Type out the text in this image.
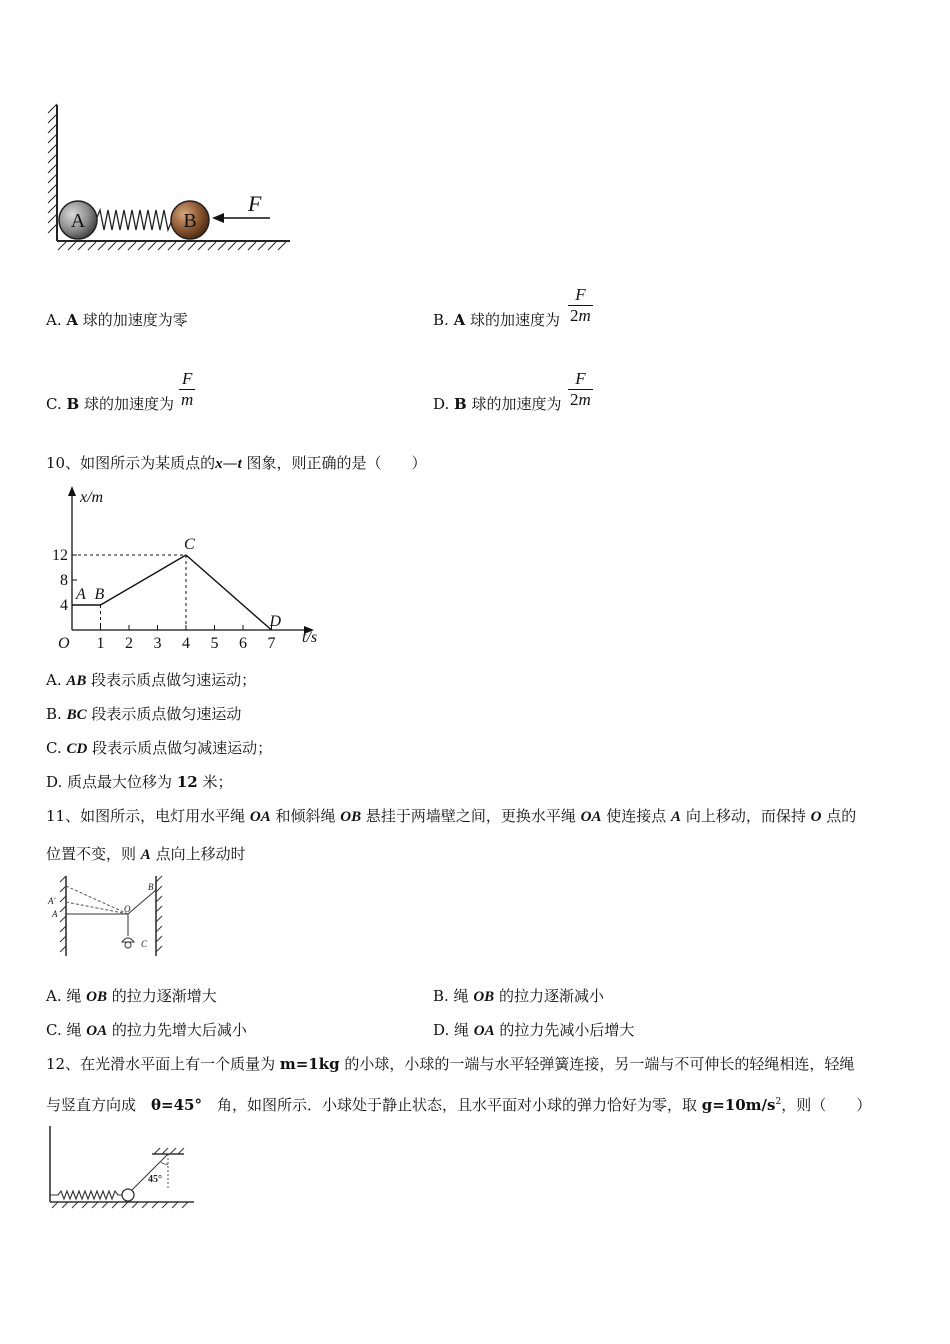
A	B
F
A. A 球的加速度为零	B. A 球的加速度为 $\frac{F}{2m}$
C. B 球的加速度为 $\frac{F}{m}$	D. B 球的加速度为 $\frac{F}{2m}$
10、如图所示为某质点的x—t 图象，则正确的是（　　）
x/m
t/s
O
12
8
4
1 2 3 4 5 6 7
A B
C
D
A. AB 段表示质点做匀速运动；
B. BC 段表示质点做匀速运动
C. CD 段表示质点做匀减速运动；
D. 质点最大位移为 12 米；
11、如图所示，电灯用水平绳 OA 和倾斜绳 OB 悬挂于两墙壁之间，更换水平绳 OA 使连接点 A 向上移动，而保持 O 点的
位置不变，则 A 点向上移动时
B
A'
A	O
C
A. 绳 OB 的拉力逐渐增大	B. 绳 OB 的拉力逐渐减小
C. 绳 OA 的拉力先增大后减小	D. 绳 OA 的拉力先减小后增大
12、在光滑水平面上有一个质量为 m=1kg 的小球，小球的一端与水平轻弹簧连接，另一端与不可伸长的轻绳相连，轻绳
与竖直方向成　θ=45°　角，如图所示．小球处于静止状态，且水平面对小球的弹力恰好为零，取 $g=10m/s^2$，则（　　）
45°
